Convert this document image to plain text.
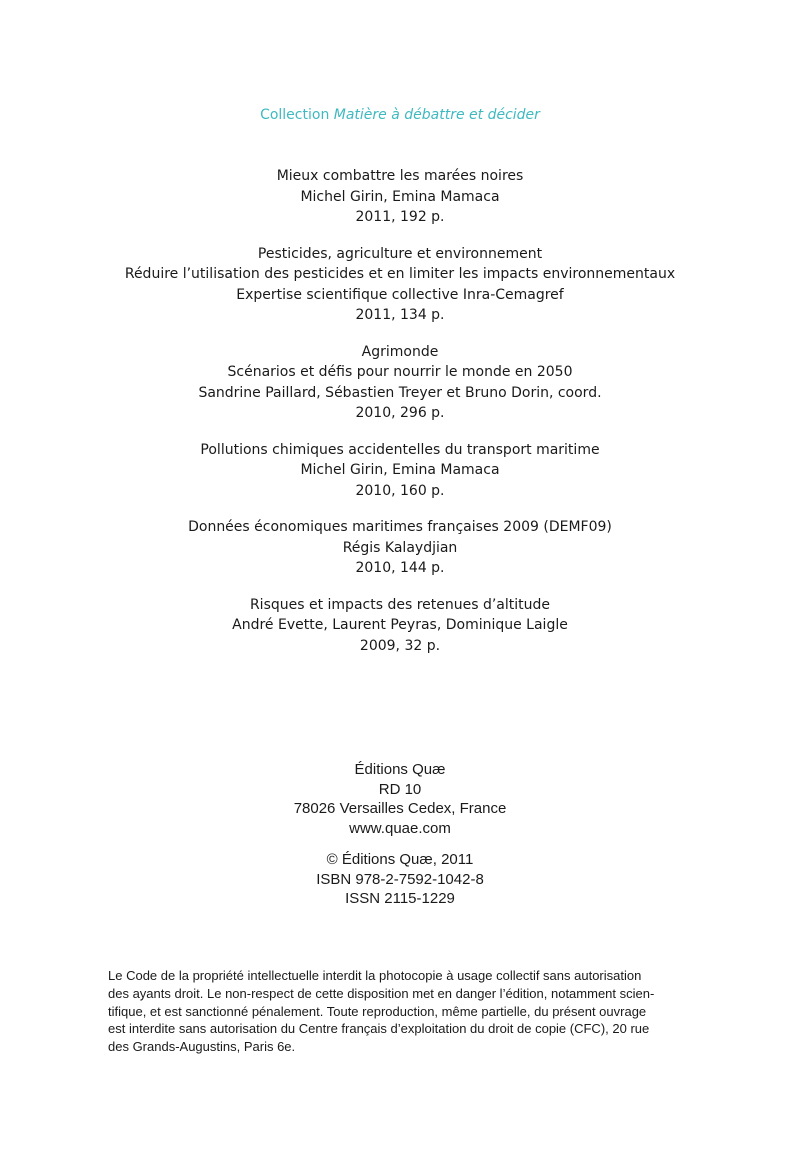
Collection Matière à débattre et décider
Mieux combattre les marées noires
Michel Girin, Emina Mamaca
2011, 192 p.
Pesticides, agriculture et environnement
Réduire l’utilisation des pesticides et en limiter les impacts environnementaux
Expertise scientifique collective Inra-Cemagref
2011, 134 p.
Agrimonde
Scénarios et défis pour nourrir le monde en 2050
Sandrine Paillard, Sébastien Treyer et Bruno Dorin, coord.
2010, 296 p.
Pollutions chimiques accidentelles du transport maritime
Michel Girin, Emina Mamaca
2010, 160 p.
Données économiques maritimes françaises 2009 (DEMF09)
Régis Kalaydjian
2010, 144 p.
Risques et impacts des retenues d’altitude
André Evette, Laurent Peyras, Dominique Laigle
2009, 32 p.
Éditions Quæ
RD 10
78026 Versailles Cedex, France
www.quae.com
© Éditions Quæ, 2011
ISBN 978-2-7592-1042-8
ISSN 2115-1229
Le Code de la propriété intellectuelle interdit la photocopie à usage collectif sans autorisation
des ayants droit. Le non-respect de cette disposition met en danger l’édition, notamment scien-
tifique, et est sanctionné pénalement. Toute reproduction, même partielle, du présent ouvrage
est interdite sans autorisation du Centre français d’exploitation du droit de copie (CFC), 20 rue
des Grands-Augustins, Paris 6e.
